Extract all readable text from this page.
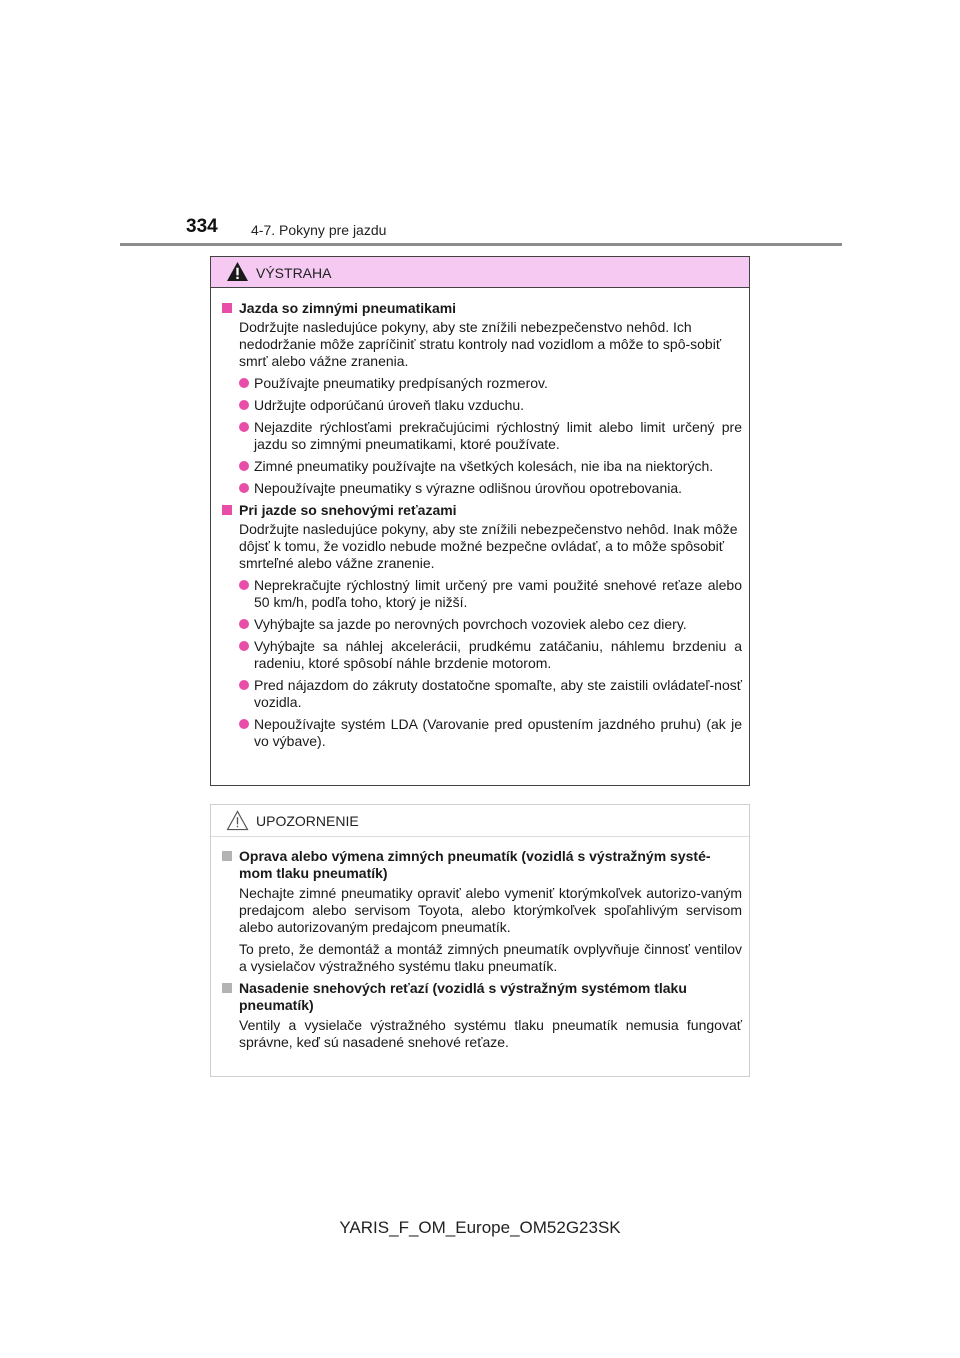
334 4-7. Pokyny pre jazdu
VÝSTRAHA
Jazda so zimnými pneumatikami
Dodržujte nasledujúce pokyny, aby ste znížili nebezpečenstvo nehôd. Ich nedodržanie môže zapríčiniť stratu kontroly nad vozidlom a môže to spô-sobiť smrť alebo vážne zranenia.
Používajte pneumatiky predpísaných rozmerov.
Udržujte odporúčanú úroveň tlaku vzduchu.
Nejazdite rýchlosťami prekračujúcimi rýchlostný limit alebo limit určený pre jazdu so zimnými pneumatikami, ktoré používate.
Zimné pneumatiky používajte na všetkých kolesách, nie iba na niektorých.
Nepoužívajte pneumatiky s výrazne odlišnou úrovňou opotrebovania.
Pri jazde so snehovými reťazami
Dodržujte nasledujúce pokyny, aby ste znížili nebezpečenstvo nehôd. Inak môže dôjsť k tomu, že vozidlo nebude možné bezpečne ovládať, a to môže spôsobiť smrteľné alebo vážne zranenie.
Neprekračujte rýchlostný limit určený pre vami použité snehové reťaze alebo 50 km/h, podľa toho, ktorý je nižší.
Vyhýbajte sa jazde po nerovných povrchoch vozoviek alebo cez diery.
Vyhýbajte sa náhlej akcelerácii, prudkému zatáčaniu, náhlemu brzdeniu a radeniu, ktoré spôsobí náhle brzdenie motorom.
Pred nájazdom do zákruty dostatočne spomaľte, aby ste zaistili ovládateľ-nosť vozidla.
Nepoužívajte systém LDA (Varovanie pred opustením jazdného pruhu) (ak je vo výbave).
UPOZORNENIE
Oprava alebo výmena zimných pneumatík (vozidlá s výstražným systé-mom tlaku pneumatík)
Nechajte zimné pneumatiky opraviť alebo vymeniť ktorýmkoľvek autorizo-vaným predajcom alebo servisom Toyota, alebo ktorýmkoľvek spoľahlivým servisom alebo autorizovaným predajcom pneumatík.
To preto, že demontáž a montáž zimných pneumatík ovplyvňuje činnosť ventilov a vysielačov výstražného systému tlaku pneumatík.
Nasadenie snehových reťazí (vozidlá s výstražným systémom tlaku pneumatík)
Ventily a vysielače výstražného systému tlaku pneumatík nemusia fungovať správne, keď sú nasadené snehové reťaze.
YARIS_F_OM_Europe_OM52G23SK
